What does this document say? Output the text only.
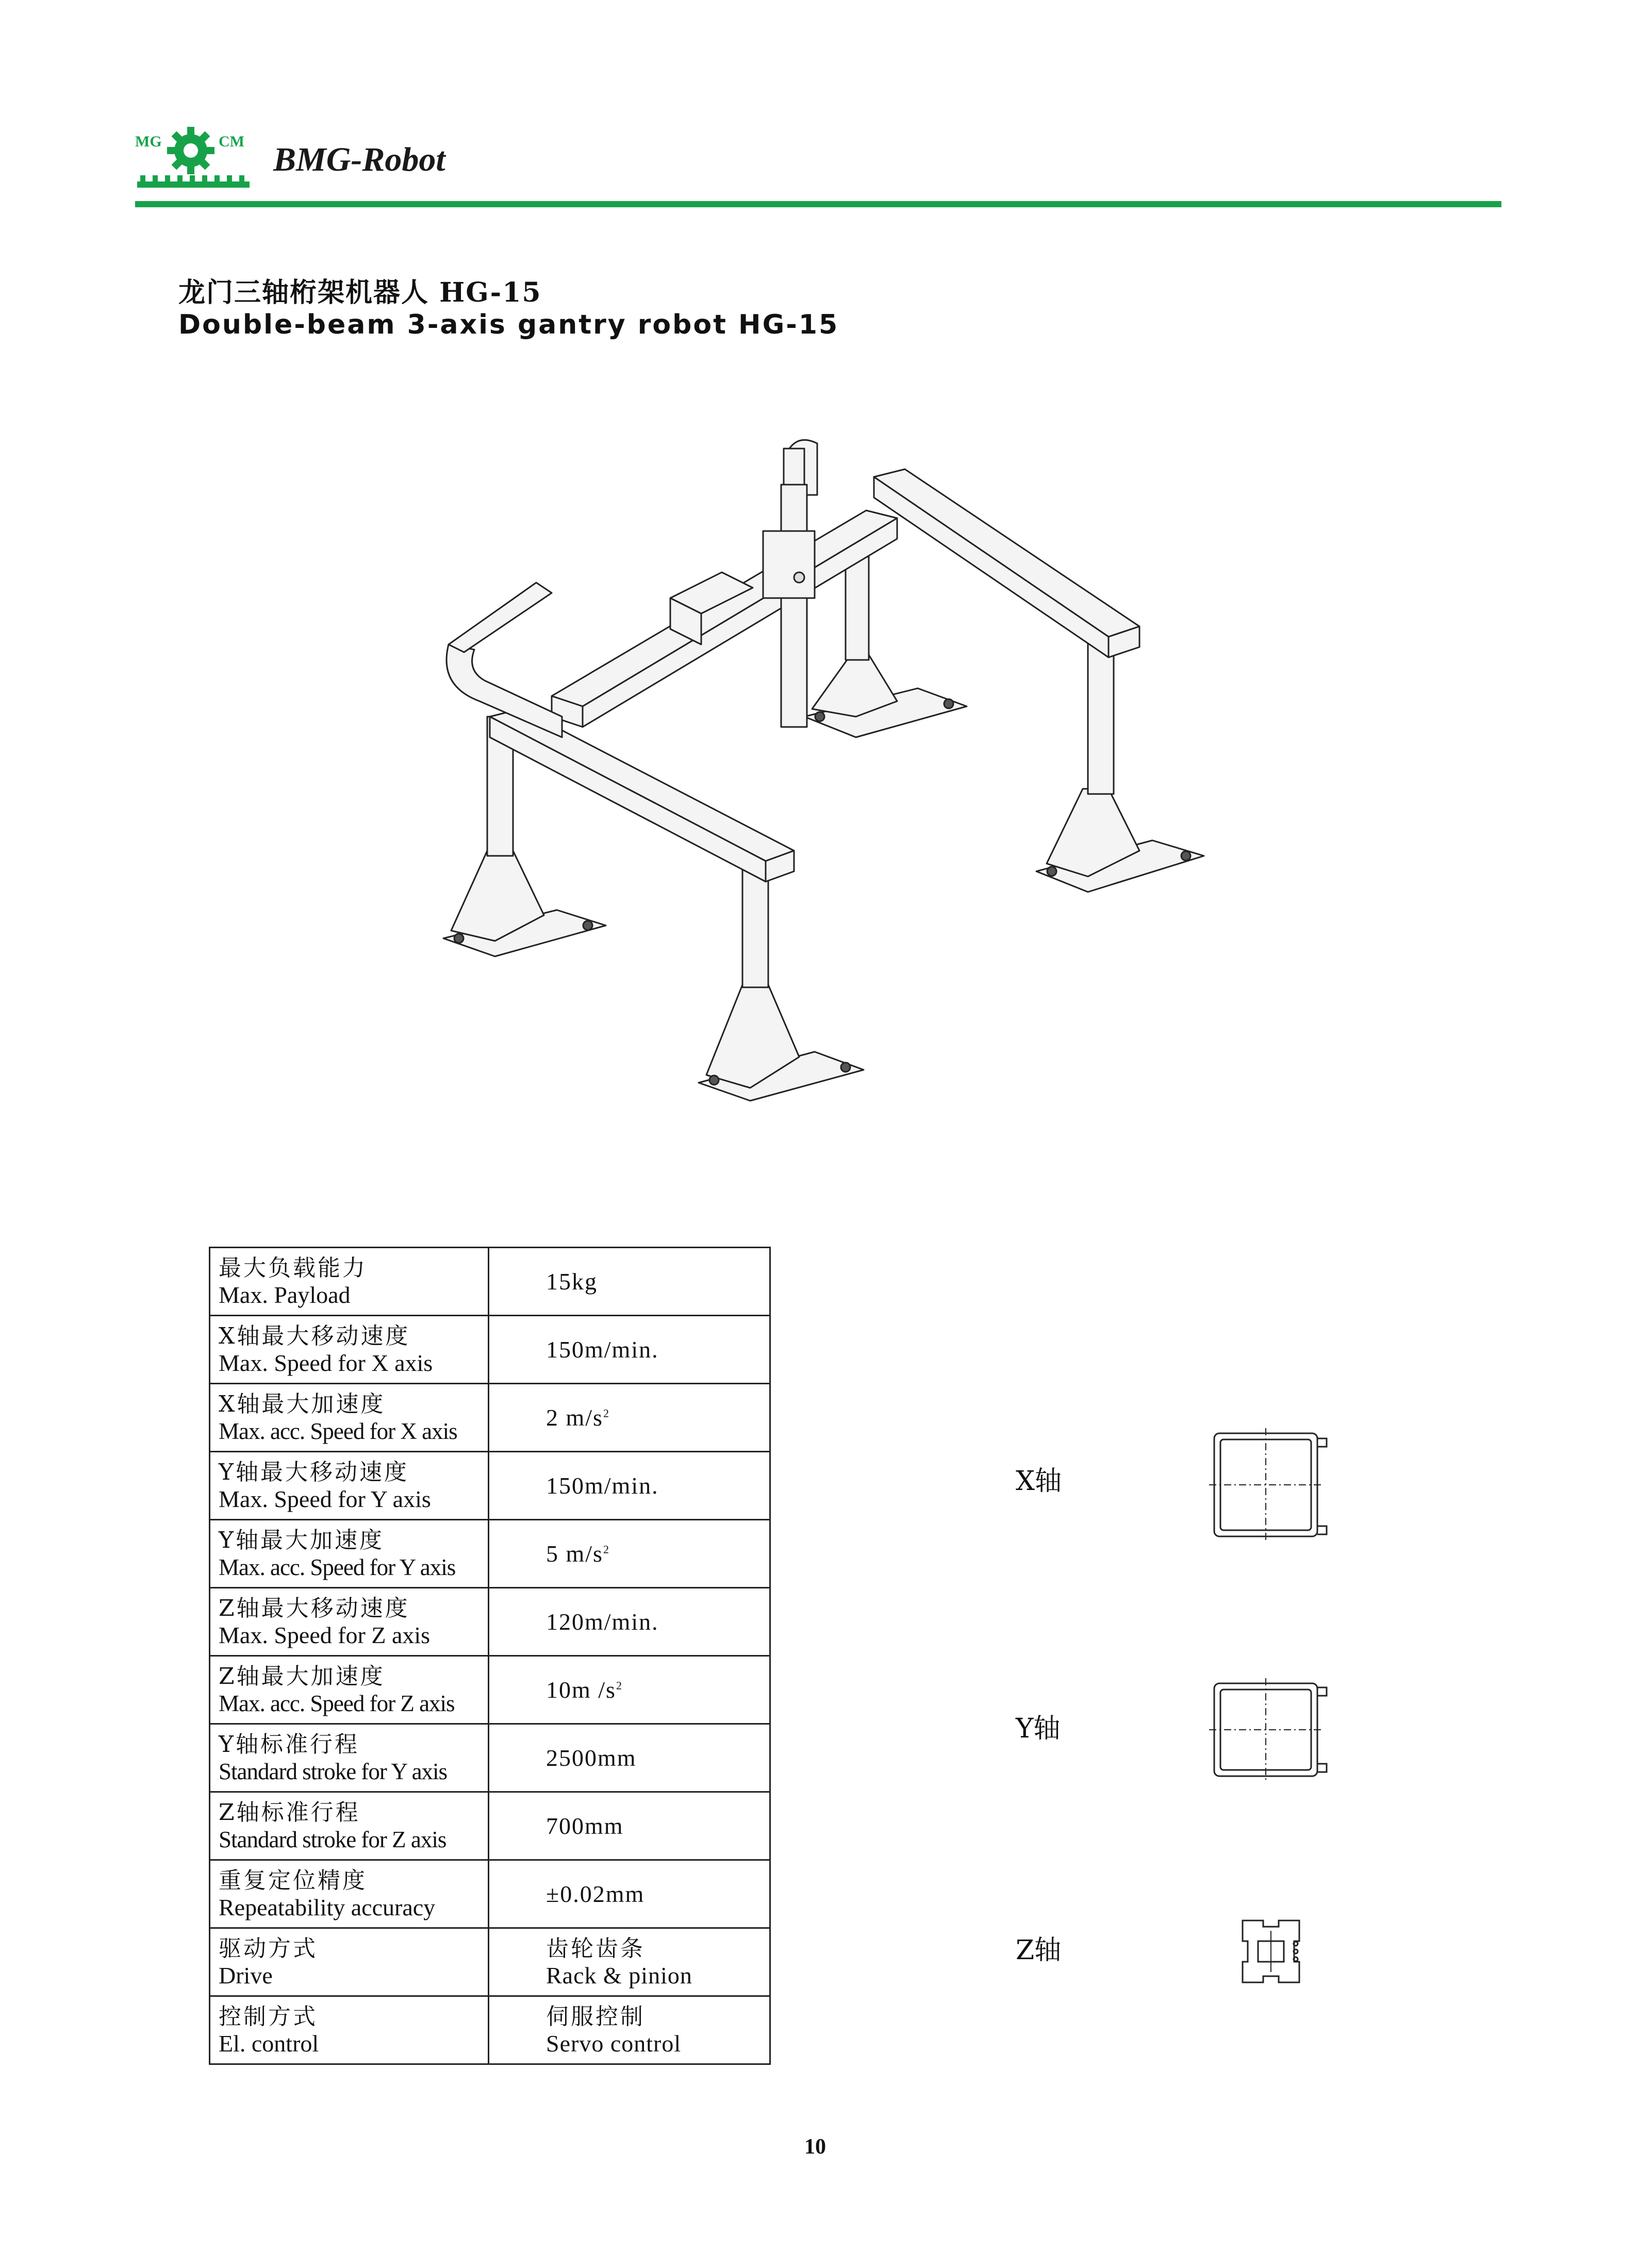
MG	CM BMG-Robot
龙门三轴桁架机器人 HG-15
Double-beam 3-axis gantry robot HG-15
最大负载能力
Max. Payload	15kg

X轴最大移动速度
Max. Speed for X axis	150m/min.

X轴最大加速度
Max. acc. Speed for X axis	2 $m/s^2$

Y轴最大移动速度
Max. Speed for Y axis	150m/min.

Y轴最大加速度
Max. acc. Speed for Y axis	5 $m/s^2$

Z轴最大移动速度
Max. Speed for Z axis	120m/min.

Z轴最大加速度
Max. acc. Speed for Z axis	10m $/s^2$

Y轴标准行程
Standard stroke for Y axis	2500mm

Z轴标准行程
Standard stroke for Z axis	700mm

重复定位精度
Repeatability accuracy	±0.02mm

驱动方式
Drive	齿轮齿条
Rack & pinion

控制方式
El. control	伺服控制
Servo control
X轴
Y轴
Z轴
10
